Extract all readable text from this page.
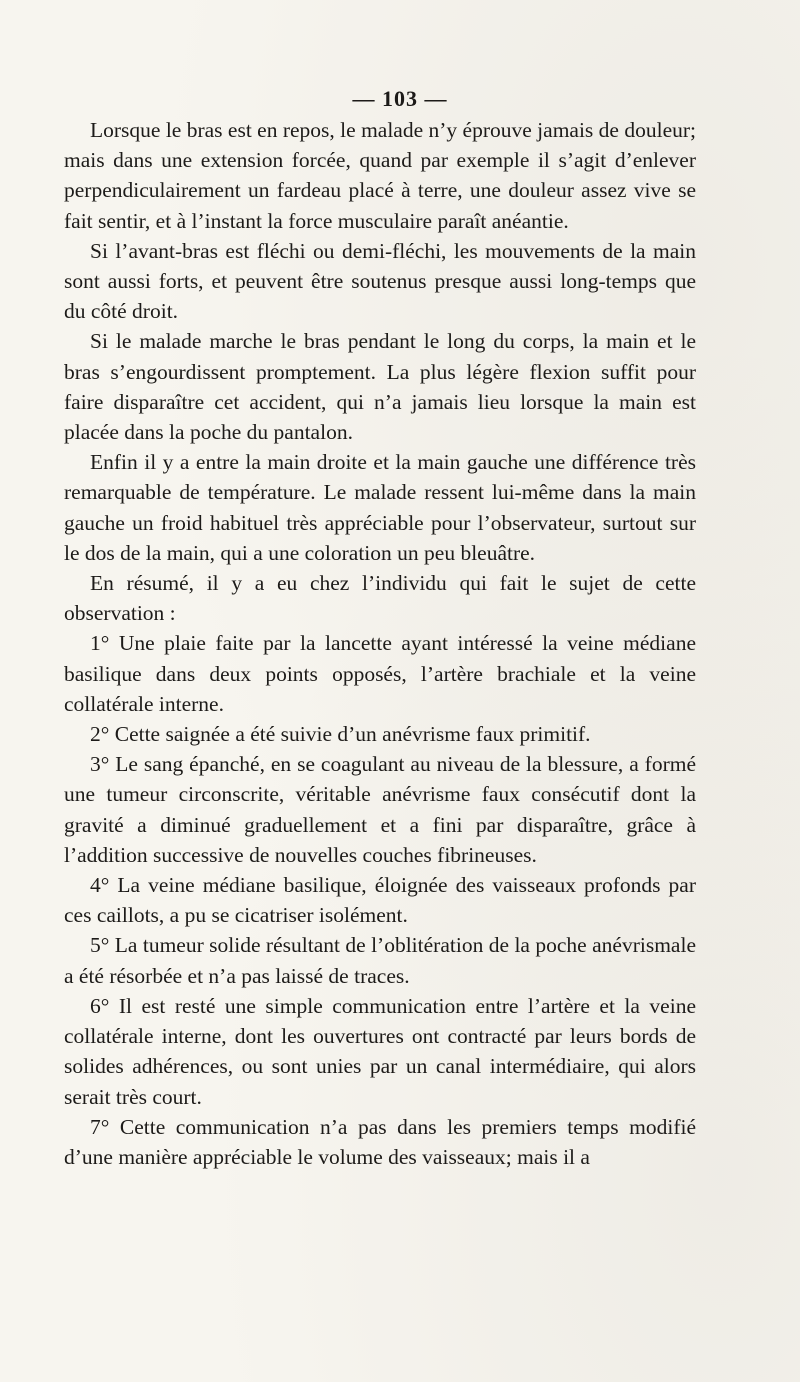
— 103 —

Lorsque le bras est en repos, le malade n’y éprouve jamais de douleur; mais dans une extension forcée, quand par exemple il s’agit d’enlever perpendiculairement un fardeau placé à terre, une douleur assez vive se fait sentir, et à l’instant la force musculaire paraît anéantie.

Si l’avant-bras est fléchi ou demi-fléchi, les mouvements de la main sont aussi forts, et peuvent être soutenus presque aussi long-temps que du côté droit.

Si le malade marche le bras pendant le long du corps, la main et le bras s’engourdissent promptement. La plus légère flexion suffit pour faire disparaître cet accident, qui n’a jamais lieu lorsque la main est placée dans la poche du pantalon.

Enfin il y a entre la main droite et la main gauche une différence très remarquable de température. Le malade ressent lui-même dans la main gauche un froid habituel très appréciable pour l’observateur, surtout sur le dos de la main, qui a une coloration un peu bleuâtre.

En résumé, il y a eu chez l’individu qui fait le sujet de cette observation :

1° Une plaie faite par la lancette ayant intéressé la veine médiane basilique dans deux points opposés, l’artère brachiale et la veine collatérale interne.

2° Cette saignée a été suivie d’un anévrisme faux primitif.

3° Le sang épanché, en se coagulant au niveau de la blessure, a formé une tumeur circonscrite, véritable anévrisme faux consécutif dont la gravité a diminué graduellement et a fini par disparaître, grâce à l’addition successive de nouvelles couches fibrineuses.

4° La veine médiane basilique, éloignée des vaisseaux profonds par ces caillots, a pu se cicatriser isolément.

5° La tumeur solide résultant de l’oblitération de la poche anévrismale a été résorbée et n’a pas laissé de traces.

6° Il est resté une simple communication entre l’artère et la veine collatérale interne, dont les ouvertures ont contracté par leurs bords de solides adhérences, ou sont unies par un canal intermédiaire, qui alors serait très court.

7° Cette communication n’a pas dans les premiers temps modifié d’une manière appréciable le volume des vaisseaux; mais il a
